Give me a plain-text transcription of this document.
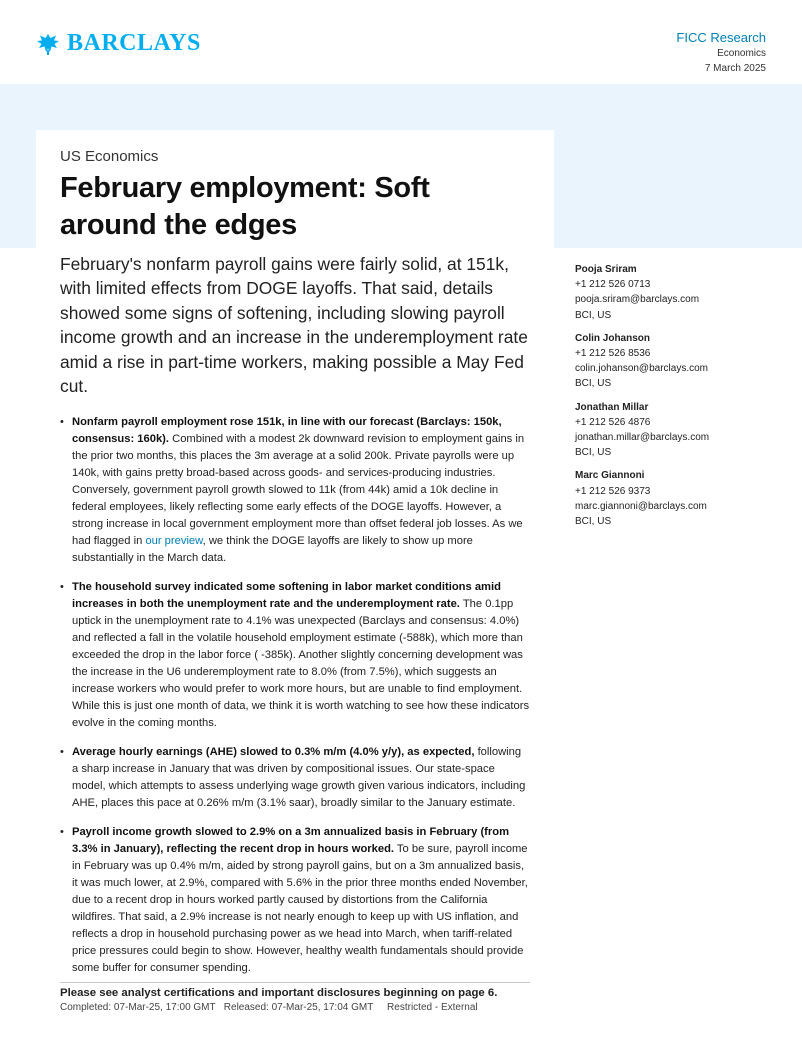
BARCLAYS	FICC Research
Economics
7 March 2025
US Economics
February employment: Soft around the edges

February's nonfarm payroll gains were fairly solid, at 151k, with limited effects from DOGE layoffs. That said, details showed some signs of softening, including slowing payroll income growth and an increase in the underemployment rate amid a rise in part-time workers, making possible a May Fed cut.

Pooja Sriram
+1 212 526 0713
pooja.sriram@barclays.com
BCI, US
Colin Johanson
+1 212 526 8536
colin.johanson@barclays.com
BCI, US
Jonathan Millar
+1 212 526 4876
jonathan.millar@barclays.com
BCI, US
Marc Giannoni
+1 212 526 9373
marc.giannoni@barclays.com
BCI, US
• Nonfarm payroll employment rose 151k, in line with our forecast (Barclays: 150k, consensus: 160k). Combined with a modest 2k downward revision to employment gains in the prior two months, this places the 3m average at a solid 200k. Private payrolls were up 140k, with gains pretty broad-based across goods- and services-producing industries. Conversely, government payroll growth slowed to 11k (from 44k) amid a 10k decline in federal employees, likely reflecting some early effects of the DOGE layoffs. However, a strong increase in local government employment more than offset federal job losses. As we had flagged in our preview, we think the DOGE layoffs are likely to show up more substantially in the March data.
• The household survey indicated some softening in labor market conditions amid increases in both the unemployment rate and the underemployment rate. The 0.1pp uptick in the unemployment rate to 4.1% was unexpected (Barclays and consensus: 4.0%) and reflected a fall in the volatile household employment estimate (-588k), which more than exceeded the drop in the labor force ( -385k). Another slightly concerning development was the increase in the U6 underemployment rate to 8.0% (from 7.5%), which suggests an increase workers who would prefer to work more hours, but are unable to find employment. While this is just one month of data, we think it is worth watching to see how these indicators evolve in the coming months.
• Average hourly earnings (AHE) slowed to 0.3% m/m (4.0% y/y), as expected, following a sharp increase in January that was driven by compositional issues. Our state-space model, which attempts to assess underlying wage growth given various indicators, including AHE, places this pace at 0.26% m/m (3.1% saar), broadly similar to the January estimate.
• Payroll income growth slowed to 2.9% on a 3m annualized basis in February (from 3.3% in January), reflecting the recent drop in hours worked. To be sure, payroll income in February was up 0.4% m/m, aided by strong payroll gains, but on a 3m annualized basis, it was much lower, at 2.9%, compared with 5.6% in the prior three months ended November, due to a recent drop in hours worked partly caused by distortions from the California wildfires. That said, a 2.9% increase is not nearly enough to keep up with US inflation, and reflects a drop in household purchasing power as we head into March, when tariff-related price pressures could begin to show. However, healthy wealth fundamentals should provide some buffer for consumer spending.
Please see analyst certifications and important disclosures beginning on page 6.
Completed: 07-Mar-25, 17:00 GMT Released: 07-Mar-25, 17:04 GMT Restricted - External
